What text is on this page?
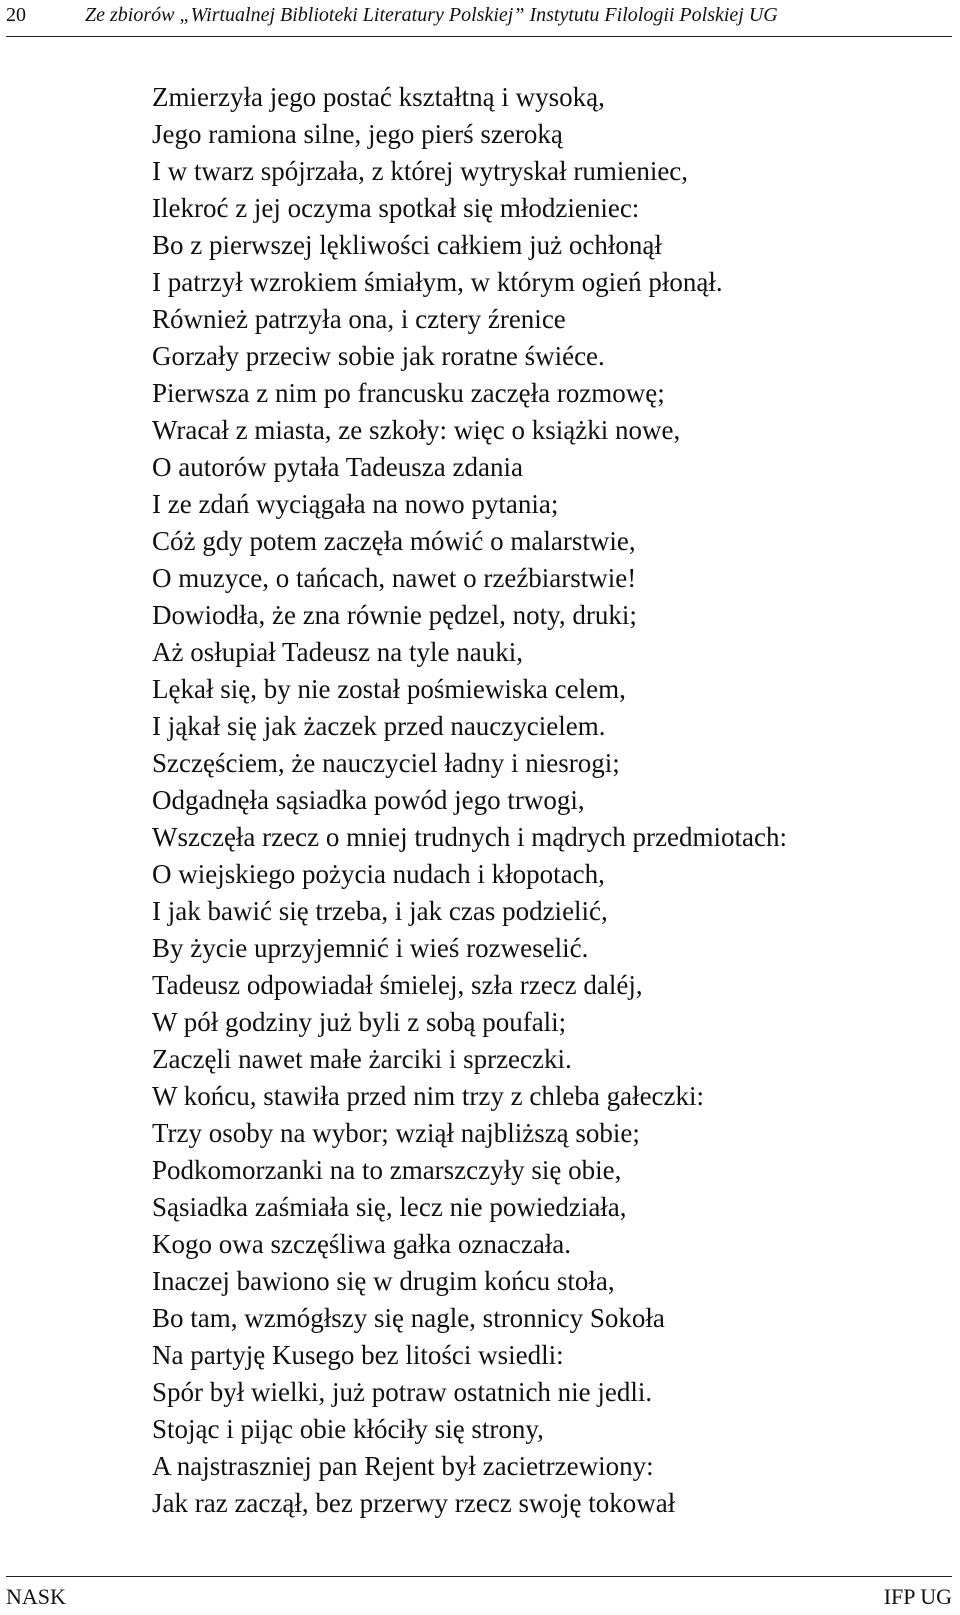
20	Ze zbiorów „Wirtualnej Biblioteki Literatury Polskiej” Instytutu Filologii Polskiej UG
Zmierzyła jego postać kształtną i wysoką,
Jego ramiona silne, jego pierś szeroką
I w twarz spójrzała, z której wytryskał rumieniec,
Ilekroć z jej oczyma spotkał się młodzieniec:
Bo z pierwszej lękliwości całkiem już ochłonął
I patrzył wzrokiem śmiałym, w którym ogień płonął.
Również patrzyła ona, i cztery źrenice
Gorzały przeciw sobie jak roratne świéce.
Pierwsza z nim po francusku zaczęła rozmowę;
Wracał z miasta, ze szkoły: więc o książki nowe,
O autorów pytała Tadeusza zdania
I ze zdań wyciągała na nowo pytania;
Cóż gdy potem zaczęła mówić o malarstwie,
O muzyce, o tańcach, nawet o rzeźbiarstwie!
Dowiodła, że zna równie pędzel, noty, druki;
Aż osłupiał Tadeusz na tyle nauki,
Lękał się, by nie został pośmiewiska celem,
I jąkał się jak żaczek przed nauczycielem.
Szczęściem, że nauczyciel ładny i niesrogi;
Odgadnęła sąsiadka powód jego trwogi,
Wszczęła rzecz o mniej trudnych i mądrych przedmiotach:
O wiejskiego pożycia nudach i kłopotach,
I jak bawić się trzeba, i jak czas podzielić,
By życie uprzyjemnić i wieś rozweselić.
Tadeusz odpowiadał śmielej, szła rzecz daléj,
W pół godziny już byli z sobą poufali;
Zaczęli nawet małe żarciki i sprzeczki.
W końcu, stawiła przed nim trzy z chleba gałeczki:
Trzy osoby na wybor; wziął najbliższą sobie;
Podkomorzanki na to zmarszczyły się obie,
Sąsiadka zaśmiała się, lecz nie powiedziała,
Kogo owa szczęśliwa gałka oznaczała.
Inaczej bawiono się w drugim końcu stoła,
Bo tam, wzmógłszy się nagle, stronnicy Sokoła
Na partyję Kusego bez litości wsiedli:
Spór był wielki, już potraw ostatnich nie jedli.
Stojąc i pijąc obie kłóciły się strony,
A najstraszniej pan Rejent był zacietrzewiony:
Jak raz zaczął, bez przerwy rzecz swoję tokował
NASK	IFP UG
